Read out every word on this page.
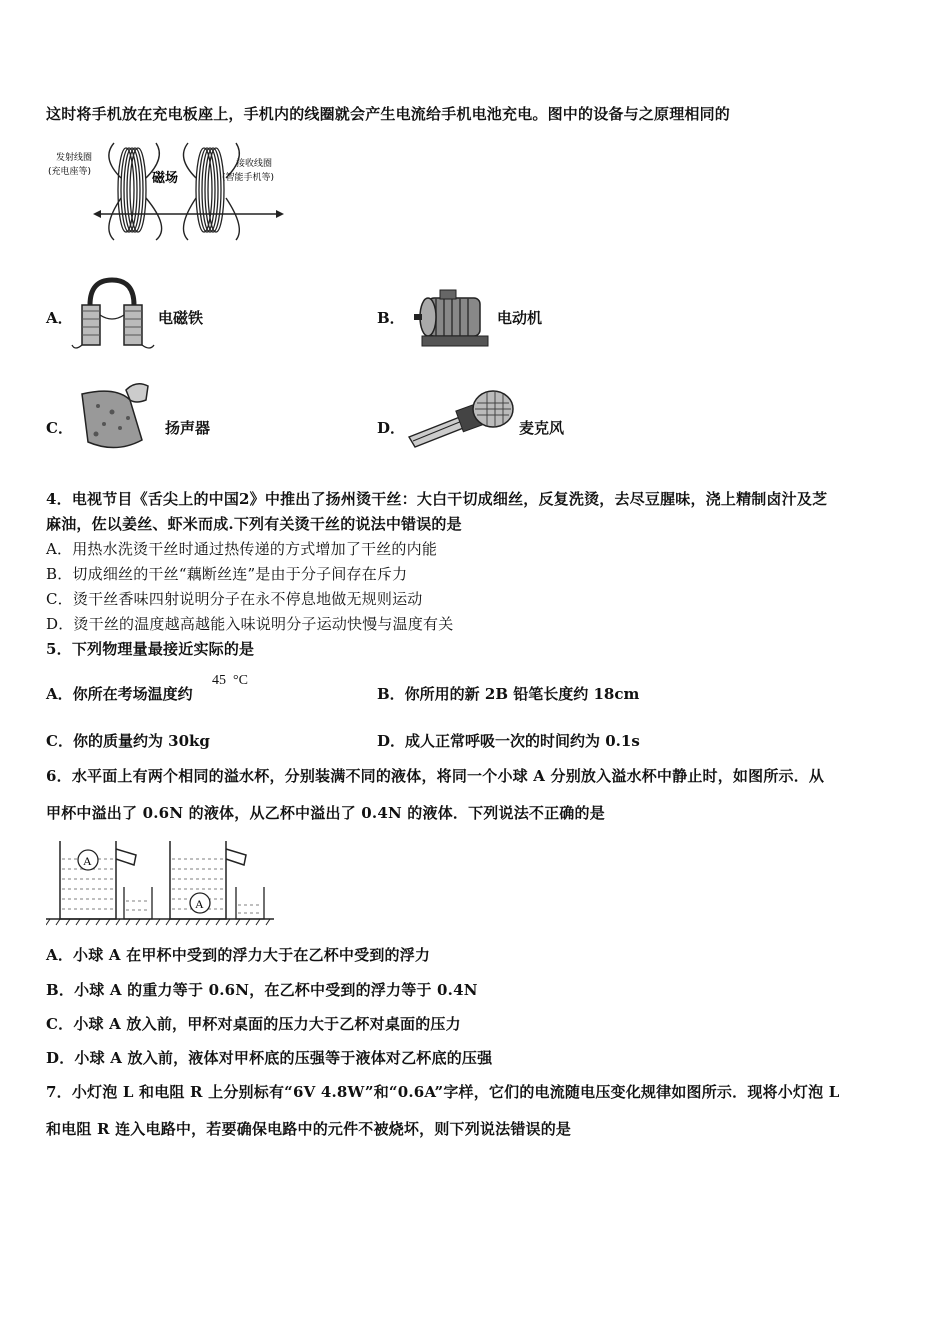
这时将手机放在充电板座上，手机内的线圈就会产生电流给手机电池充电。图中的设备与之原理相同的
发射线圈
(充电座等)
接收线圈
(智能手机等)
磁场
A．	电磁铁	B．	电动机
C．	扬声器	D．	麦克风
4．电视节目《舌尖上的中国2》中推出了扬州烫干丝：大白干切成细丝，反复洗烫，去尽豆腥味，浇上精制卤汁及芝
麻油，佐以姜丝、虾米而成.下列有关烫干丝的说法中错误的是
A．用热水洗烫干丝时通过热传递的方式增加了干丝的内能
B．切成细丝的干丝“藕断丝连”是由于分子间存在斥力
C．烫干丝香味四射说明分子在永不停息地做无规则运动
D．烫干丝的温度越高越能入味说明分子运动快慢与温度有关
5．下列物理量最接近实际的是
A．你所在考场温度约
45 °C
B．你所用的新 2B 铅笔长度约 18cm
C．你的质量约为 30kg	D．成人正常呼吸一次的时间约为 0.1s
6．水平面上有两个相同的溢水杯，分别装满不同的液体，将同一个小球 A 分别放入溢水杯中静止时，如图所示．从
甲杯中溢出了 0.6N 的液体，从乙杯中溢出了 0.4N 的液体．下列说法不正确的是
A
A
A．小球 A 在甲杯中受到的浮力大于在乙杯中受到的浮力
B．小球 A 的重力等于 0.6N，在乙杯中受到的浮力等于 0.4N
C．小球 A 放入前，甲杯对桌面的压力大于乙杯对桌面的压力
D．小球 A 放入前，液体对甲杯底的压强等于液体对乙杯底的压强
7．小灯泡 L 和电阻 R 上分别标有“6V 4.8W”和“0.6A”字样，它们的电流随电压变化规律如图所示．现将小灯泡 L
和电阻 R 连入电路中，若要确保电路中的元件不被烧坏，则下列说法错误的是
